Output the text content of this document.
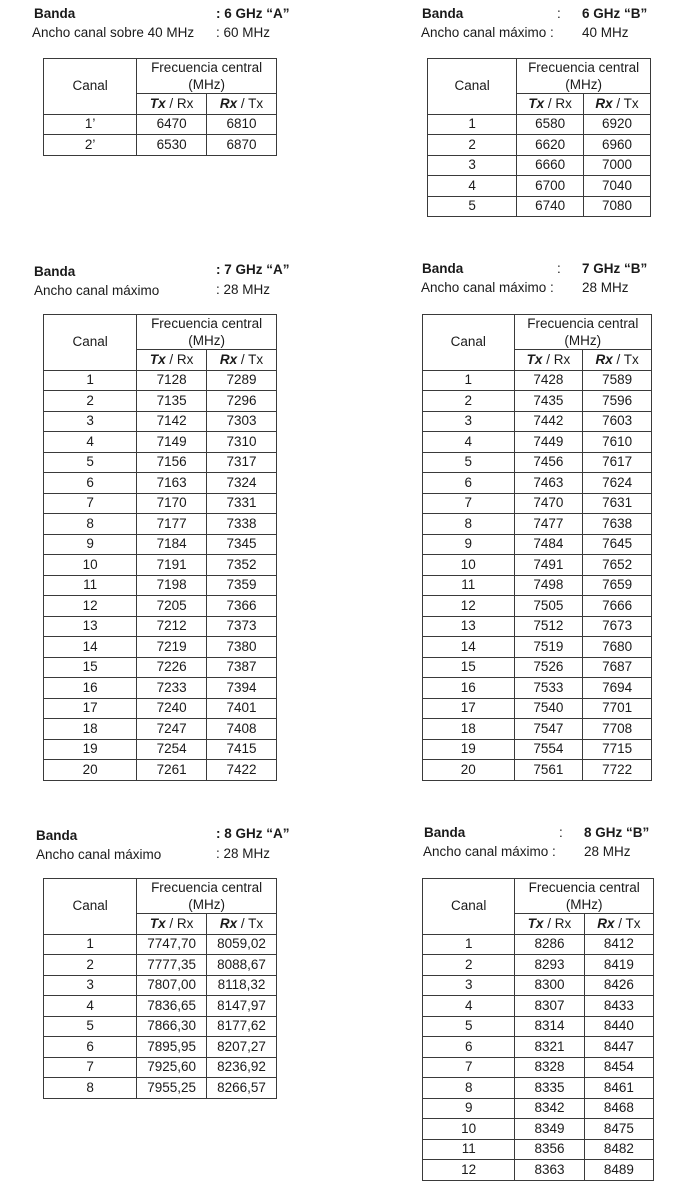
Banda	: 6 GHz “A”
Ancho canal sobre 40 MHz : 60 MHz
Canal	Frecuencia central
(MHz)	

	Tx / Rx	Rx / Tx
1’	6470	6810
2’	6530	6870
Banda	: 6 GHz “B”
Ancho canal máximo : 40 MHz
Canal	Frecuencia central
(MHz)	

	Tx / Rx	Rx / Tx
1	6580	6920
2	6620	6960
3	6660	7000
4	6700	7040
5	6740	7080
Banda	: 7 GHz “A”
Ancho canal máximo	: 28 MHz
Canal	Frecuencia central
(MHz)	

	Tx / Rx	Rx / Tx
1	7128	7289
2	7135	7296
3	7142	7303
4	7149	7310
5	7156	7317
6	7163	7324
7	7170	7331
8	7177	7338
9	7184	7345
10	7191	7352
11	7198	7359
12	7205	7366
13	7212	7373
14	7219	7380
15	7226	7387
16	7233	7394
17	7240	7401
18	7247	7408
19	7254	7415
20	7261	7422
Banda	: 7 GHz “B”
Ancho canal máximo : 28 MHz
Canal	Frecuencia central
(MHz)	

	Tx / Rx	Rx / Tx
1	7428	7589
2	7435	7596
3	7442	7603
4	7449	7610
5	7456	7617
6	7463	7624
7	7470	7631
8	7477	7638
9	7484	7645
10	7491	7652
11	7498	7659
12	7505	7666
13	7512	7673
14	7519	7680
15	7526	7687
16	7533	7694
17	7540	7701
18	7547	7708
19	7554	7715
20	7561	7722
Banda	: 8 GHz “A”
Ancho canal máximo	: 28 MHz
Canal	Frecuencia central
(MHz)	

	Tx / Rx	Rx / Tx
1	7747,70	8059,02
2	7777,35	8088,67
3	7807,00	8118,32
4	7836,65	8147,97
5	7866,30	8177,62
6	7895,95	8207,27
7	7925,60	8236,92
8	7955,25	8266,57
Banda	: 8 GHz “B”
Ancho canal máximo : 28 MHz
Canal	Frecuencia central
(MHz)	

	Tx / Rx	Rx / Tx
1	8286	8412
2	8293	8419
3	8300	8426
4	8307	8433
5	8314	8440
6	8321	8447
7	8328	8454
8	8335	8461
9	8342	8468
10	8349	8475
11	8356	8482
12	8363	8489
